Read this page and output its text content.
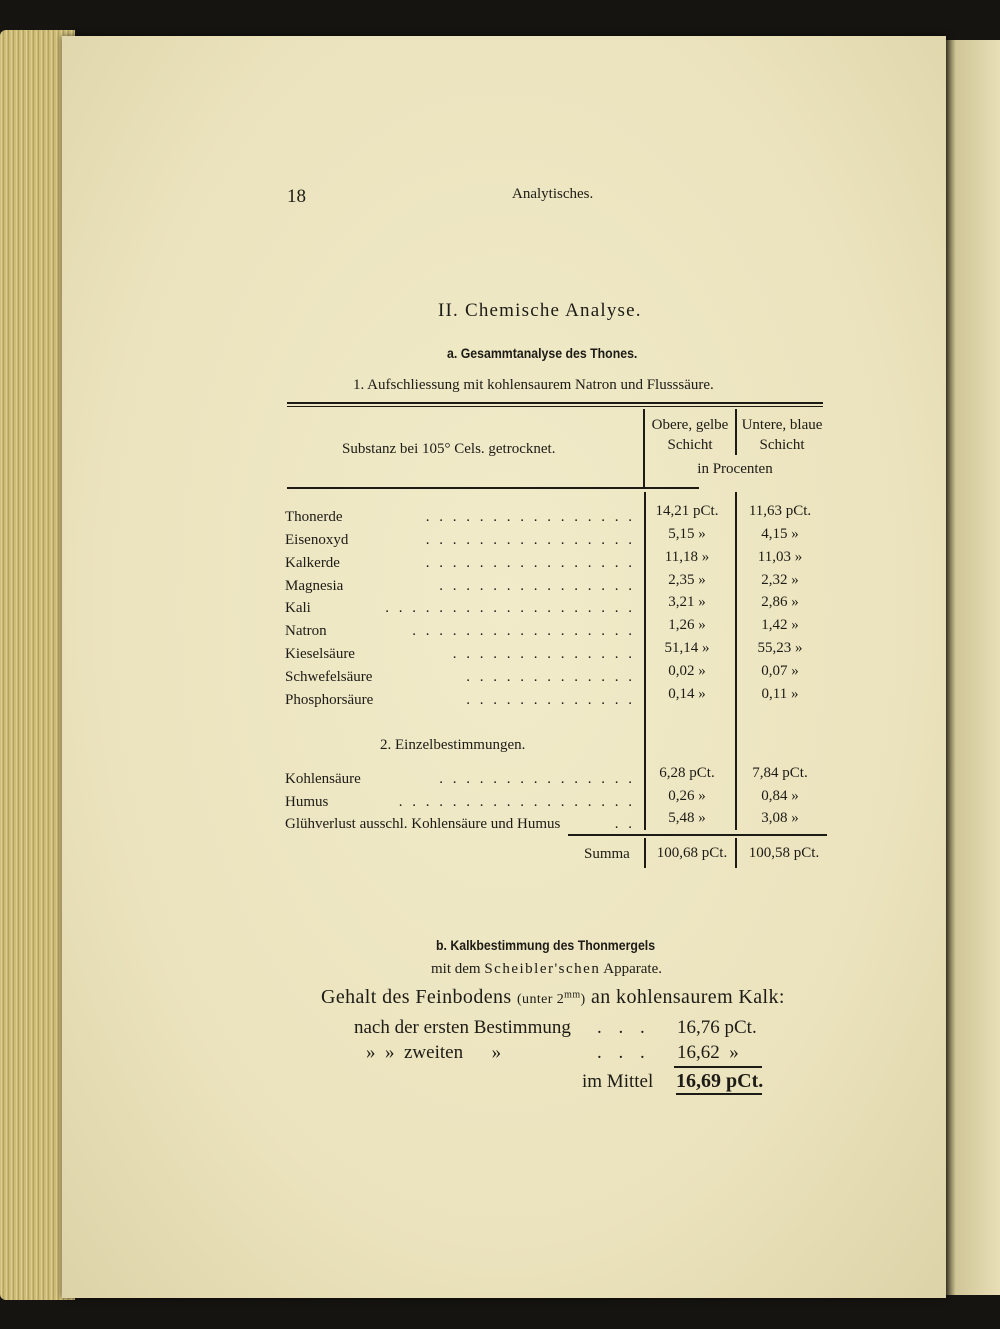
18	Analytisches.
II. Chemische Analyse.
a. Gesammtanalyse des Thones.
1. Aufschliessung mit kohlensaurem Natron und Flusssäure.
Substanz bei 105° Cels. getrocknet.
Obere, gelbe Schicht
Untere, blaue Schicht
in Procenten
Thonerde	. . . . . . . . . . . . . . . .	14,21 pCt.	11,63 pCt.
Eisenoxyd	. . . . . . . . . . . . . . . .	5,15 »	4,15 »
Kalkerde	. . . . . . . . . . . . . . . .	11,18 »	11,03 »
Magnesia	. . . . . . . . . . . . . . .	2,35 »	2,32 »
Kali	. . . . . . . . . . . . . . . . . . .	3,21 »	2,86 »
Natron	. . . . . . . . . . . . . . . . .	1,26 »	1,42 »
Kieselsäure	. . . . . . . . . . . . . .	51,14 »	55,23 »
Schwefelsäure	. . . . . . . . . . . . .	0,02 »	0,07 »
Phosphorsäure	. . . . . . . . . . . . .	0,14 »	0,11 »
2. Einzelbestimmungen.
Kohlensäure	. . . . . . . . . . . . . . .	6,28 pCt.	7,84 pCt.
Humus	. . . . . . . . . . . . . . . . . .	0,26 »	0,84 »
Glühverlust ausschl. Kohlensäure und Humus	. .	5,48 »	3,08 »
Summa	100,68 pCt.	100,58 pCt.
b. Kalkbestimmung des Thonmergels
mit dem Scheibler'schen Apparate.
Gehalt des Feinbodens (unter $2^{mm}$) an kohlensaurem Kalk:
nach der ersten Bestimmung . . . 16,76 pCt.
»  »  zweiten      »	. . . 16,62  »
im Mittel 16,69 pCt.
